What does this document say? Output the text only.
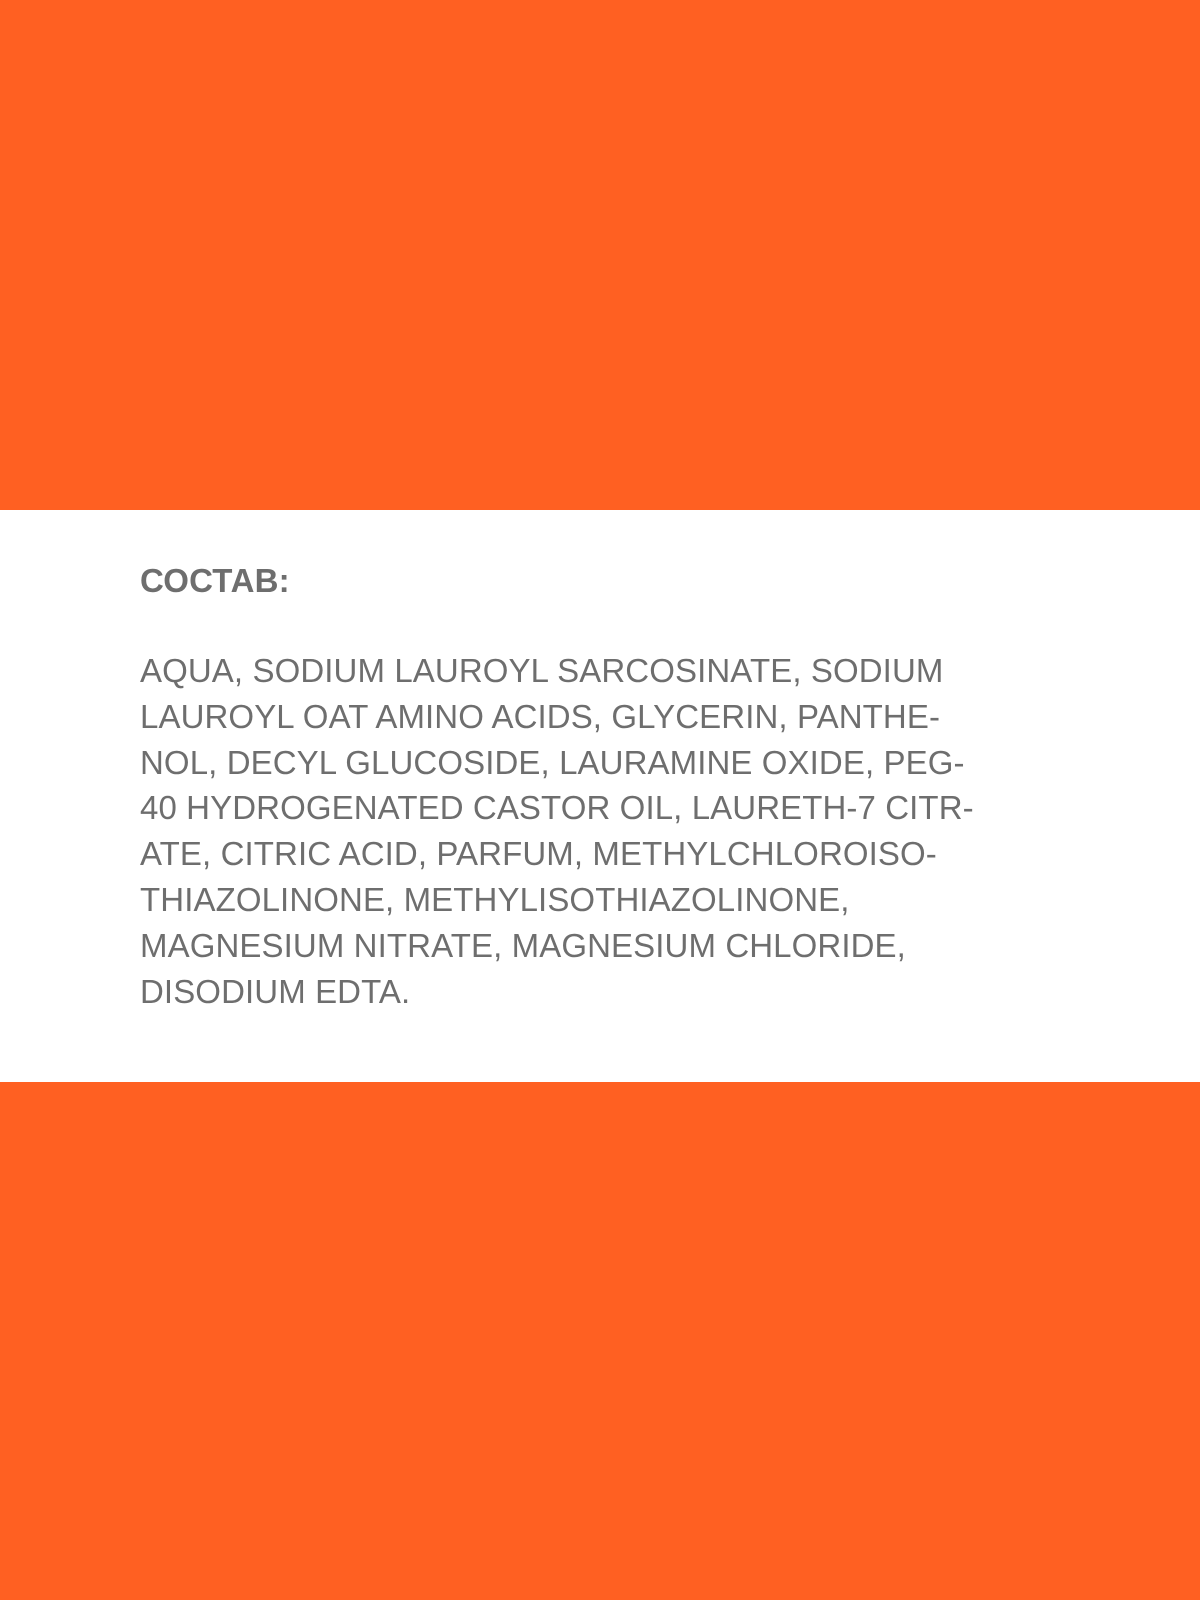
СОСТАВ:

AQUA, SODIUM LAUROYL SARCOSINATE, SODIUM
LAUROYL OAT AMINO ACIDS, GLYCERIN, PANTHE-
NOL, DECYL GLUCOSIDE, LAURAMINE OXIDE, PEG-
40 HYDROGENATED CASTOR OIL, LAURETH-7 CITR-
ATE, CITRIC ACID, PARFUM, METHYLCHLOROISO-
THIAZOLINONE, METHYLISOTHIAZOLINONE,
MAGNESIUM NITRATE, MAGNESIUM CHLORIDE,
DISODIUM EDTA.
